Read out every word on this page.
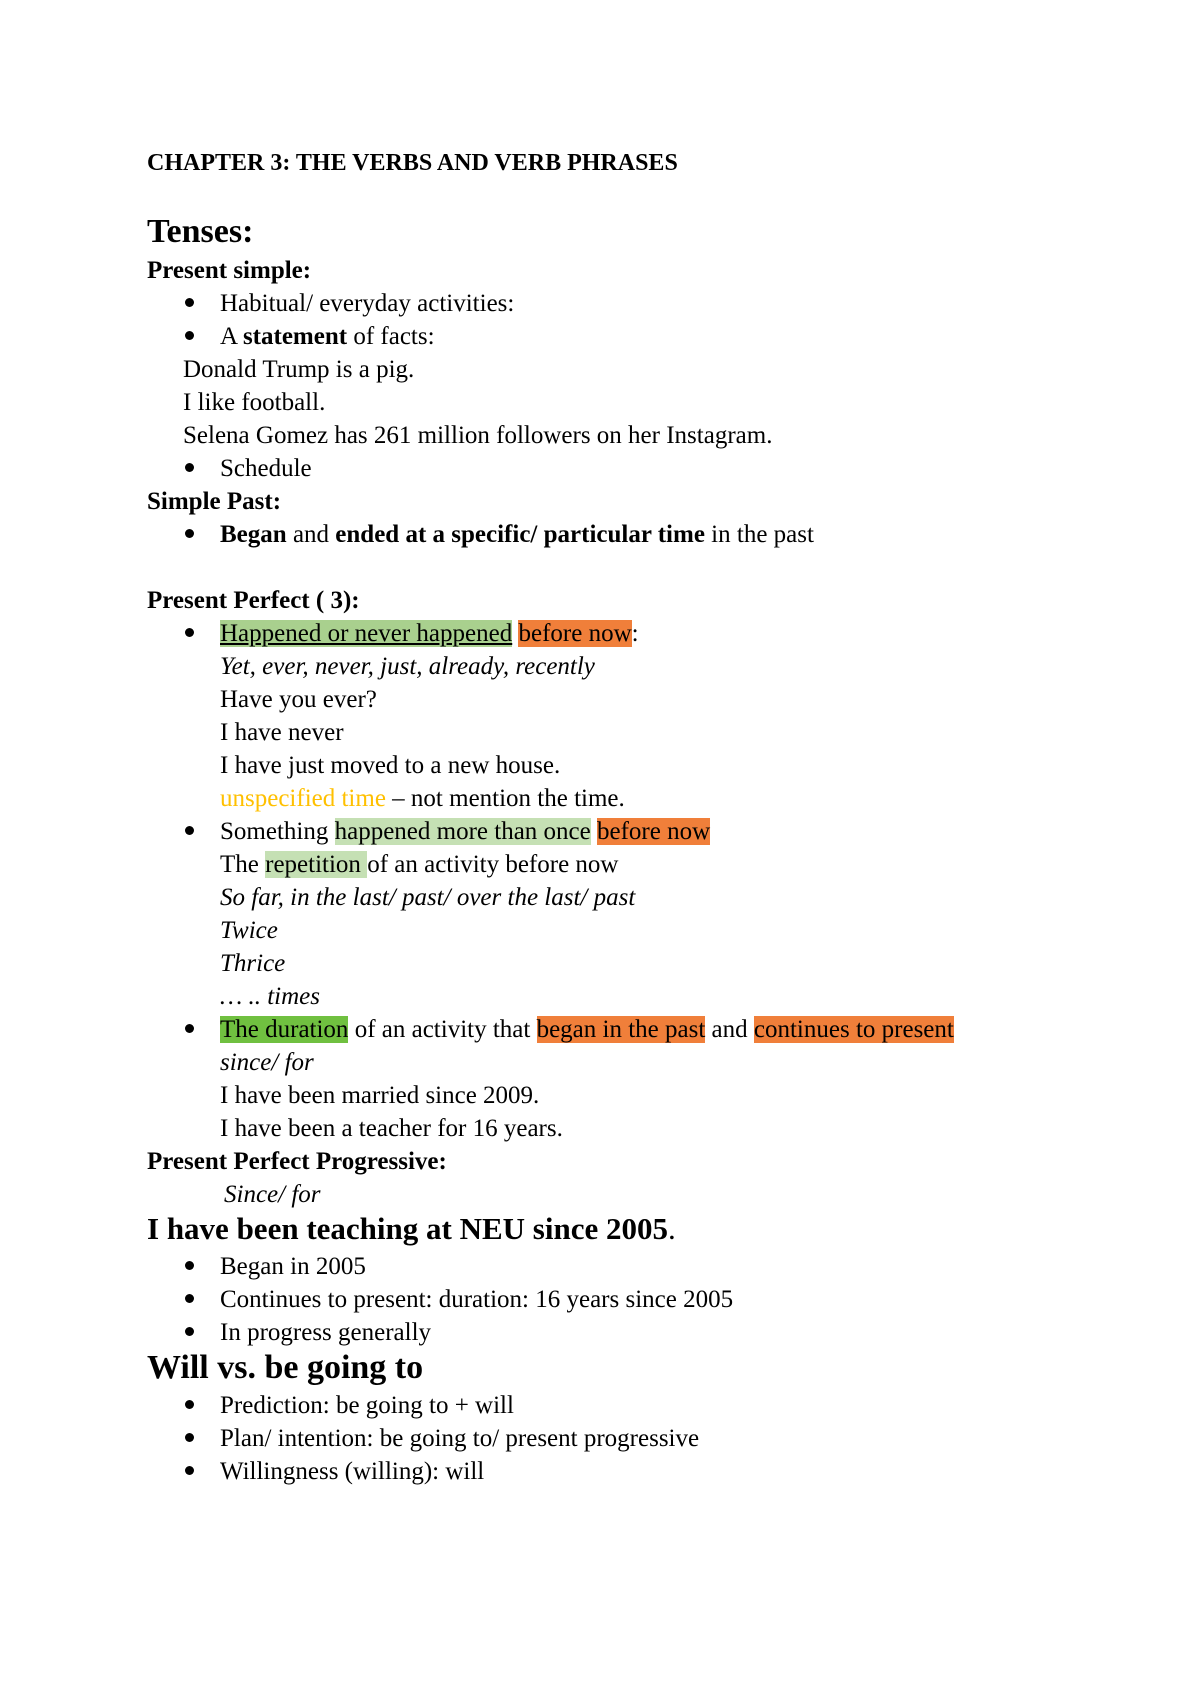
CHAPTER 3: THE VERBS AND VERB PHRASES
Tenses:
Present simple:
Habitual/ everyday activities:
A statement of facts:
Donald Trump is a pig.
I like football.
Selena Gomez has 261 million followers on her Instagram.
Schedule
Simple Past:
Began and ended at a specific/ particular time in the past
Present Perfect ( 3):
Happened or never happened before now:
Yet, ever, never, just, already, recently
Have you ever?
I have never
I have just moved to a new house.
unspecified time – not mention the time.
Something happened more than once before now
The repetition of an activity before now
So far, in the last/ past/ over the last/ past
Twice
Thrice
… .. times
The duration of an activity that began in the past and continues to present
since/ for
I have been married since 2009.
I have been a teacher for 16 years.
Present Perfect Progressive:
Since/ for
I have been teaching at NEU since 2005.
Began in 2005
Continues to present: duration: 16 years since 2005
In progress generally
Will vs. be going to
Prediction: be going to + will
Plan/ intention: be going to/ present progressive
Willingness (willing): will
